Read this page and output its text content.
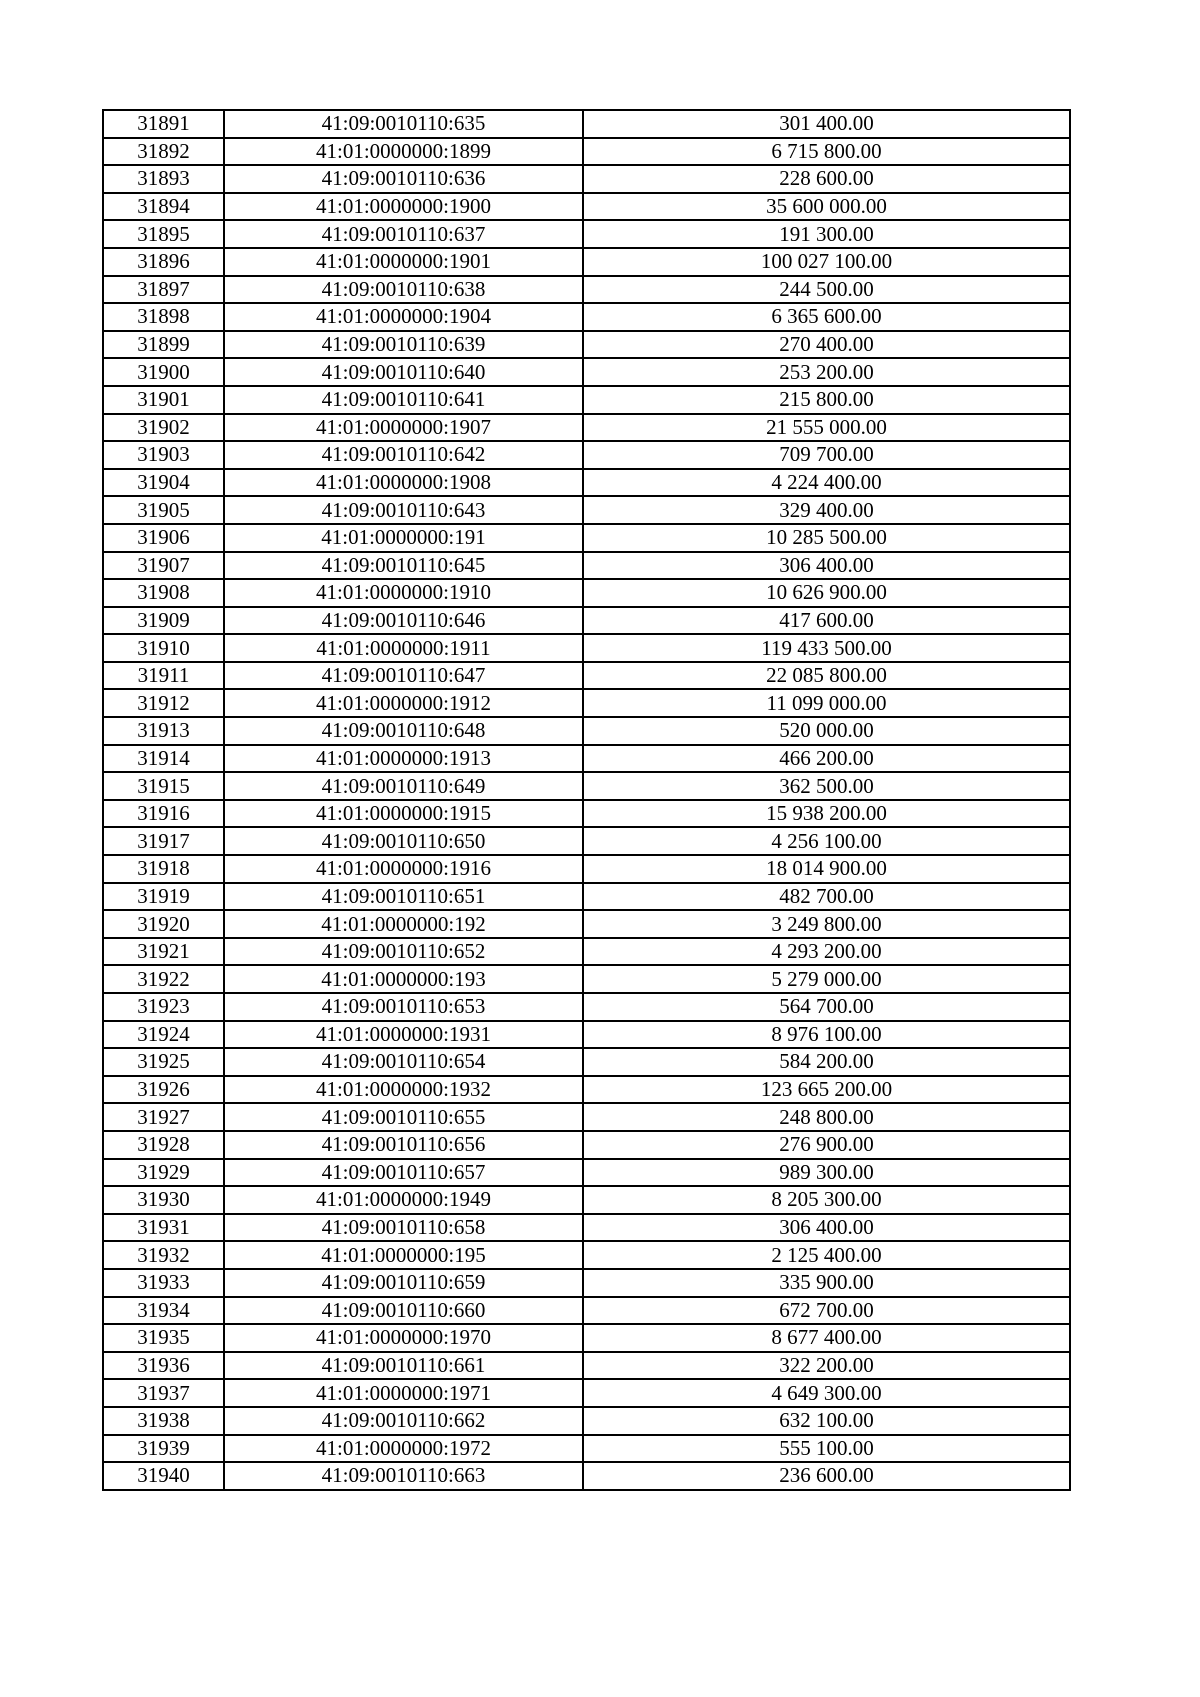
31891	41:09:0010110:635	301 400.00
31892	41:01:0000000:1899	6 715 800.00
31893	41:09:0010110:636	228 600.00
31894	41:01:0000000:1900	35 600 000.00
31895	41:09:0010110:637	191 300.00
31896	41:01:0000000:1901	100 027 100.00
31897	41:09:0010110:638	244 500.00
31898	41:01:0000000:1904	6 365 600.00
31899	41:09:0010110:639	270 400.00
31900	41:09:0010110:640	253 200.00
31901	41:09:0010110:641	215 800.00
31902	41:01:0000000:1907	21 555 000.00
31903	41:09:0010110:642	709 700.00
31904	41:01:0000000:1908	4 224 400.00
31905	41:09:0010110:643	329 400.00
31906	41:01:0000000:191	10 285 500.00
31907	41:09:0010110:645	306 400.00
31908	41:01:0000000:1910	10 626 900.00
31909	41:09:0010110:646	417 600.00
31910	41:01:0000000:1911	119 433 500.00
31911	41:09:0010110:647	22 085 800.00
31912	41:01:0000000:1912	11 099 000.00
31913	41:09:0010110:648	520 000.00
31914	41:01:0000000:1913	466 200.00
31915	41:09:0010110:649	362 500.00
31916	41:01:0000000:1915	15 938 200.00
31917	41:09:0010110:650	4 256 100.00
31918	41:01:0000000:1916	18 014 900.00
31919	41:09:0010110:651	482 700.00
31920	41:01:0000000:192	3 249 800.00
31921	41:09:0010110:652	4 293 200.00
31922	41:01:0000000:193	5 279 000.00
31923	41:09:0010110:653	564 700.00
31924	41:01:0000000:1931	8 976 100.00
31925	41:09:0010110:654	584 200.00
31926	41:01:0000000:1932	123 665 200.00
31927	41:09:0010110:655	248 800.00
31928	41:09:0010110:656	276 900.00
31929	41:09:0010110:657	989 300.00
31930	41:01:0000000:1949	8 205 300.00
31931	41:09:0010110:658	306 400.00
31932	41:01:0000000:195	2 125 400.00
31933	41:09:0010110:659	335 900.00
31934	41:09:0010110:660	672 700.00
31935	41:01:0000000:1970	8 677 400.00
31936	41:09:0010110:661	322 200.00
31937	41:01:0000000:1971	4 649 300.00
31938	41:09:0010110:662	632 100.00
31939	41:01:0000000:1972	555 100.00
31940	41:09:0010110:663	236 600.00
